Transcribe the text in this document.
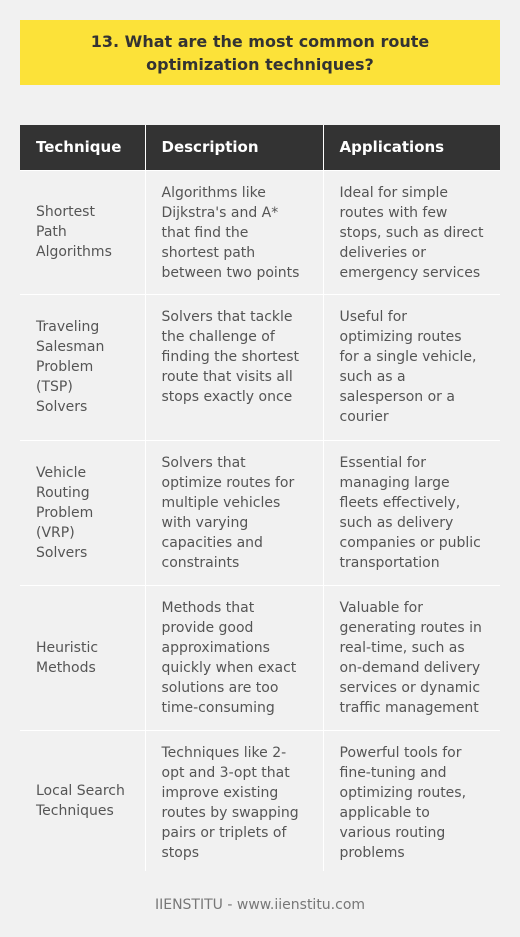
13. What are the most common route optimization techniques?
Technique	Description	Applications
Shortest Path Algorithms	Algorithms like Dijkstra's and A* that find the shortest path between two points	Ideal for simple routes with few stops, such as direct deliveries or emergency services
Traveling Salesman Problem (TSP) Solvers	Solvers that tackle the challenge of finding the shortest route that visits all stops exactly once	Useful for optimizing routes for a single vehicle, such as a salesperson or a courier
Vehicle Routing Problem (VRP) Solvers	Solvers that optimize routes for multiple vehicles with varying capacities and constraints	Essential for managing large fleets effectively, such as delivery companies or public transportation
Heuristic Methods	Methods that provide good approximations quickly when exact solutions are too time-consuming	Valuable for generating routes in real-time, such as on-demand delivery services or dynamic traffic management
Local Search Techniques	Techniques like 2-opt and 3-opt that improve existing routes by swapping pairs or triplets of stops	Powerful tools for fine-tuning and optimizing routes, applicable to various routing problems
IIENSTITU - www.iienstitu.com
